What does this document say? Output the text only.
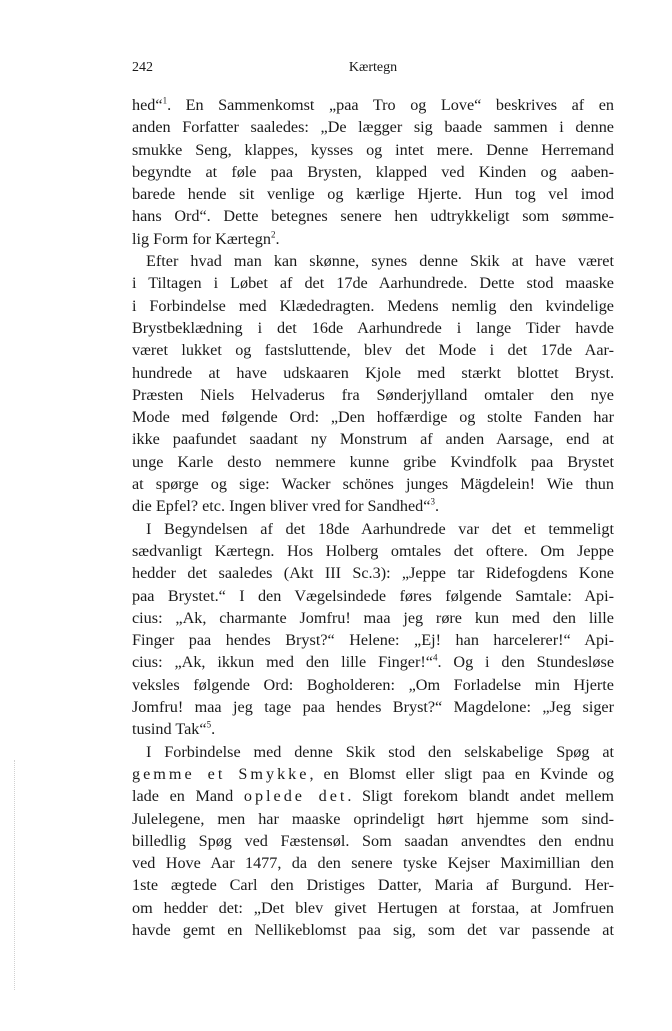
242	Kærtegn
hed“$^1$. En Sammenkomst „paa Tro og Love“ beskrives af en
anden Forfatter saaledes: „De lægger sig baade sammen i denne
smukke Seng, klappes, kysses og intet mere. Denne Herremand
begyndte at føle paa Brysten, klapped ved Kinden og aaben-
barede hende sit venlige og kærlige Hjerte. Hun tog vel imod
hans Ord“. Dette betegnes senere hen udtrykkeligt som sømme-
lig Form for Kærtegn$^2$.
Efter hvad man kan skønne, synes denne Skik at have været
i Tiltagen i Løbet af det 17de Aarhundrede. Dette stod maaske
i Forbindelse med Klædedragten. Medens nemlig den kvindelige
Brystbeklædning i det 16de Aarhundrede i lange Tider havde
været lukket og fastsluttende, blev det Mode i det 17de Aar-
hundrede at have udskaaren Kjole med stærkt blottet Bryst.
Præsten Niels Helvaderus fra Sønderjylland omtaler den nye
Mode med følgende Ord: „Den hoffærdige og stolte Fanden har
ikke paafundet saadant ny Monstrum af anden Aarsage, end at
unge Karle desto nemmere kunne gribe Kvindfolk paa Brystet
at spørge og sige: Wacker schönes junges Mägdelein! Wie thun
die Epfel? etc. Ingen bliver vred for Sandhed“$^3$.
I Begyndelsen af det 18de Aarhundrede var det et temmeligt
sædvanligt Kærtegn. Hos Holberg omtales det oftere. Om Jeppe
hedder det saaledes (Akt III Sc.3): „Jeppe tar Ridefogdens Kone
paa Brystet.“ I den Vægelsindede føres følgende Samtale: Api-
cius: „Ak, charmante Jomfru! maa jeg røre kun med den lille
Finger paa hendes Bryst?“ Helene: „Ej! han harcelerer!“ Api-
cius: „Ak, ikkun med den lille Finger!“$^4$. Og i den Stundesløse
veksles følgende Ord: Bogholderen: „Om Forladelse min Hjerte
Jomfru! maa jeg tage paa hendes Bryst?“ Magdelone: „Jeg siger
tusind Tak“$^5$.
I Forbindelse med denne Skik stod den selskabelige Spøg at
gemme et Smykke, en Blomst eller sligt paa en Kvinde og
lade en Mand oplede det. Sligt forekom blandt andet mellem
Julelegene, men har maaske oprindeligt hørt hjemme som sind-
billedlig Spøg ved Fæstensøl. Som saadan anvendtes den endnu
ved Hove Aar 1477, da den senere tyske Kejser Maximillian den
1ste ægtede Carl den Dristiges Datter, Maria af Burgund. Her-
om hedder det: „Det blev givet Hertugen at forstaa, at Jomfruen
havde gemt en Nellikeblomst paa sig, som det var passende at
